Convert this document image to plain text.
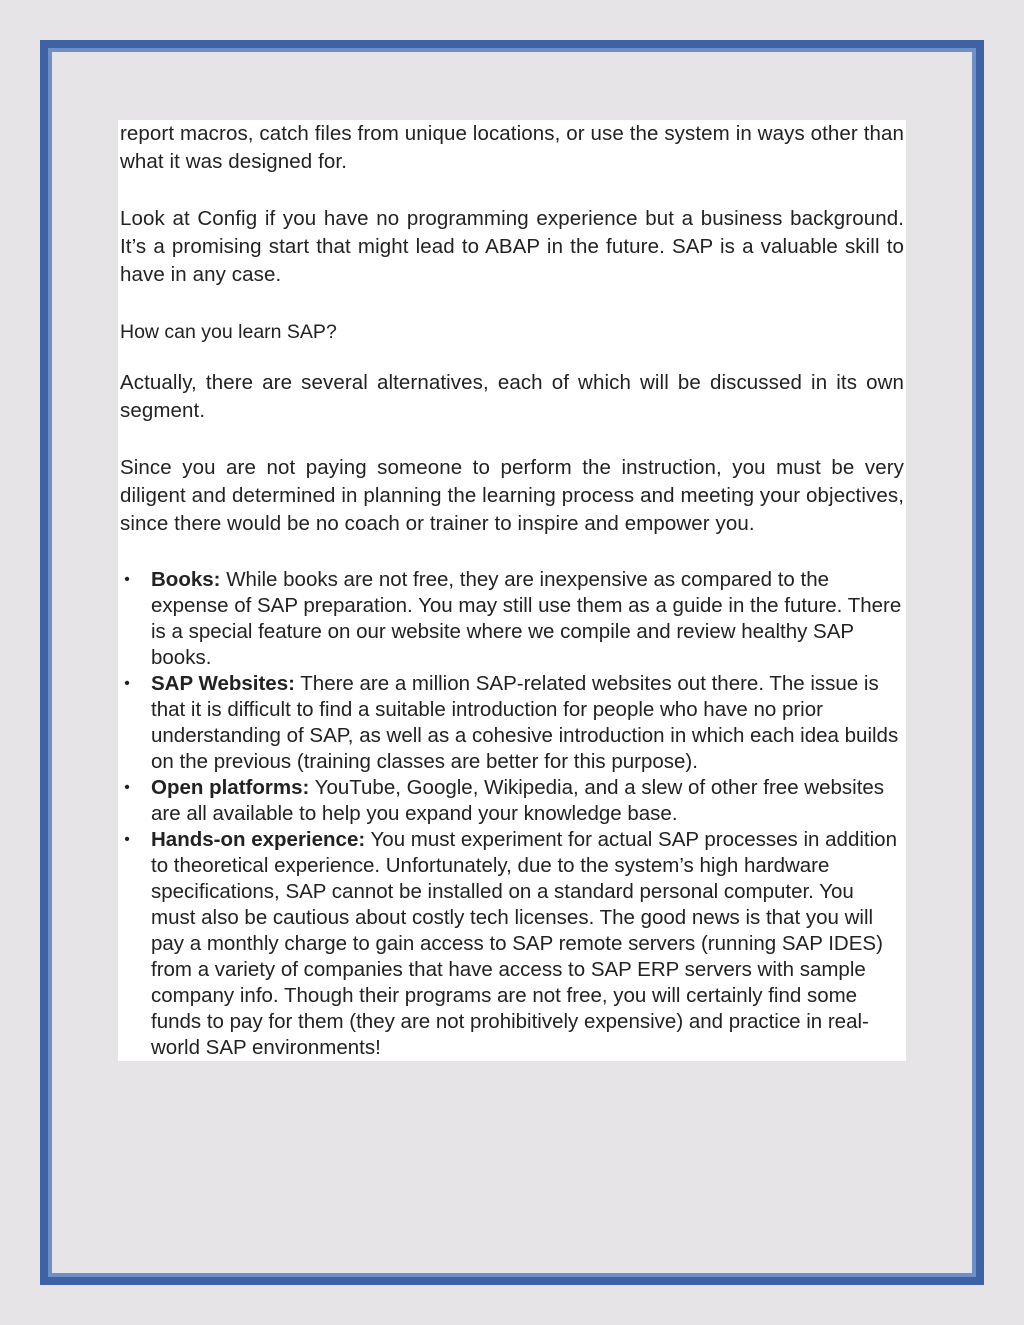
report macros, catch files from unique locations, or use the system in ways other than what it was designed for.

Look at Config if you have no programming experience but a business background. It’s a promising start that might lead to ABAP in the future. SAP is a valuable skill to have in any case.

How can you learn SAP?

Actually, there are several alternatives, each of which will be discussed in its own segment.

Since you are not paying someone to perform the instruction, you must be very diligent and determined in planning the learning process and meeting your objectives, since there would be no coach or trainer to inspire and empower you.

• Books: While books are not free, they are inexpensive as compared to the expense of SAP preparation. You may still use them as a guide in the future. There is a special feature on our website where we compile and review healthy SAP books.
• SAP Websites: There are a million SAP-related websites out there. The issue is that it is difficult to find a suitable introduction for people who have no prior understanding of SAP, as well as a cohesive introduction in which each idea builds on the previous (training classes are better for this purpose).
• Open platforms: YouTube, Google, Wikipedia, and a slew of other free websites are all available to help you expand your knowledge base.
• Hands-on experience: You must experiment for actual SAP processes in addition to theoretical experience. Unfortunately, due to the system’s high hardware specifications, SAP cannot be installed on a standard personal computer. You must also be cautious about costly tech licenses. The good news is that you will pay a monthly charge to gain access to SAP remote servers (running SAP IDES) from a variety of companies that have access to SAP ERP servers with sample company info. Though their programs are not free, you will certainly find some funds to pay for them (they are not prohibitively expensive) and practice in real-world SAP environments!
